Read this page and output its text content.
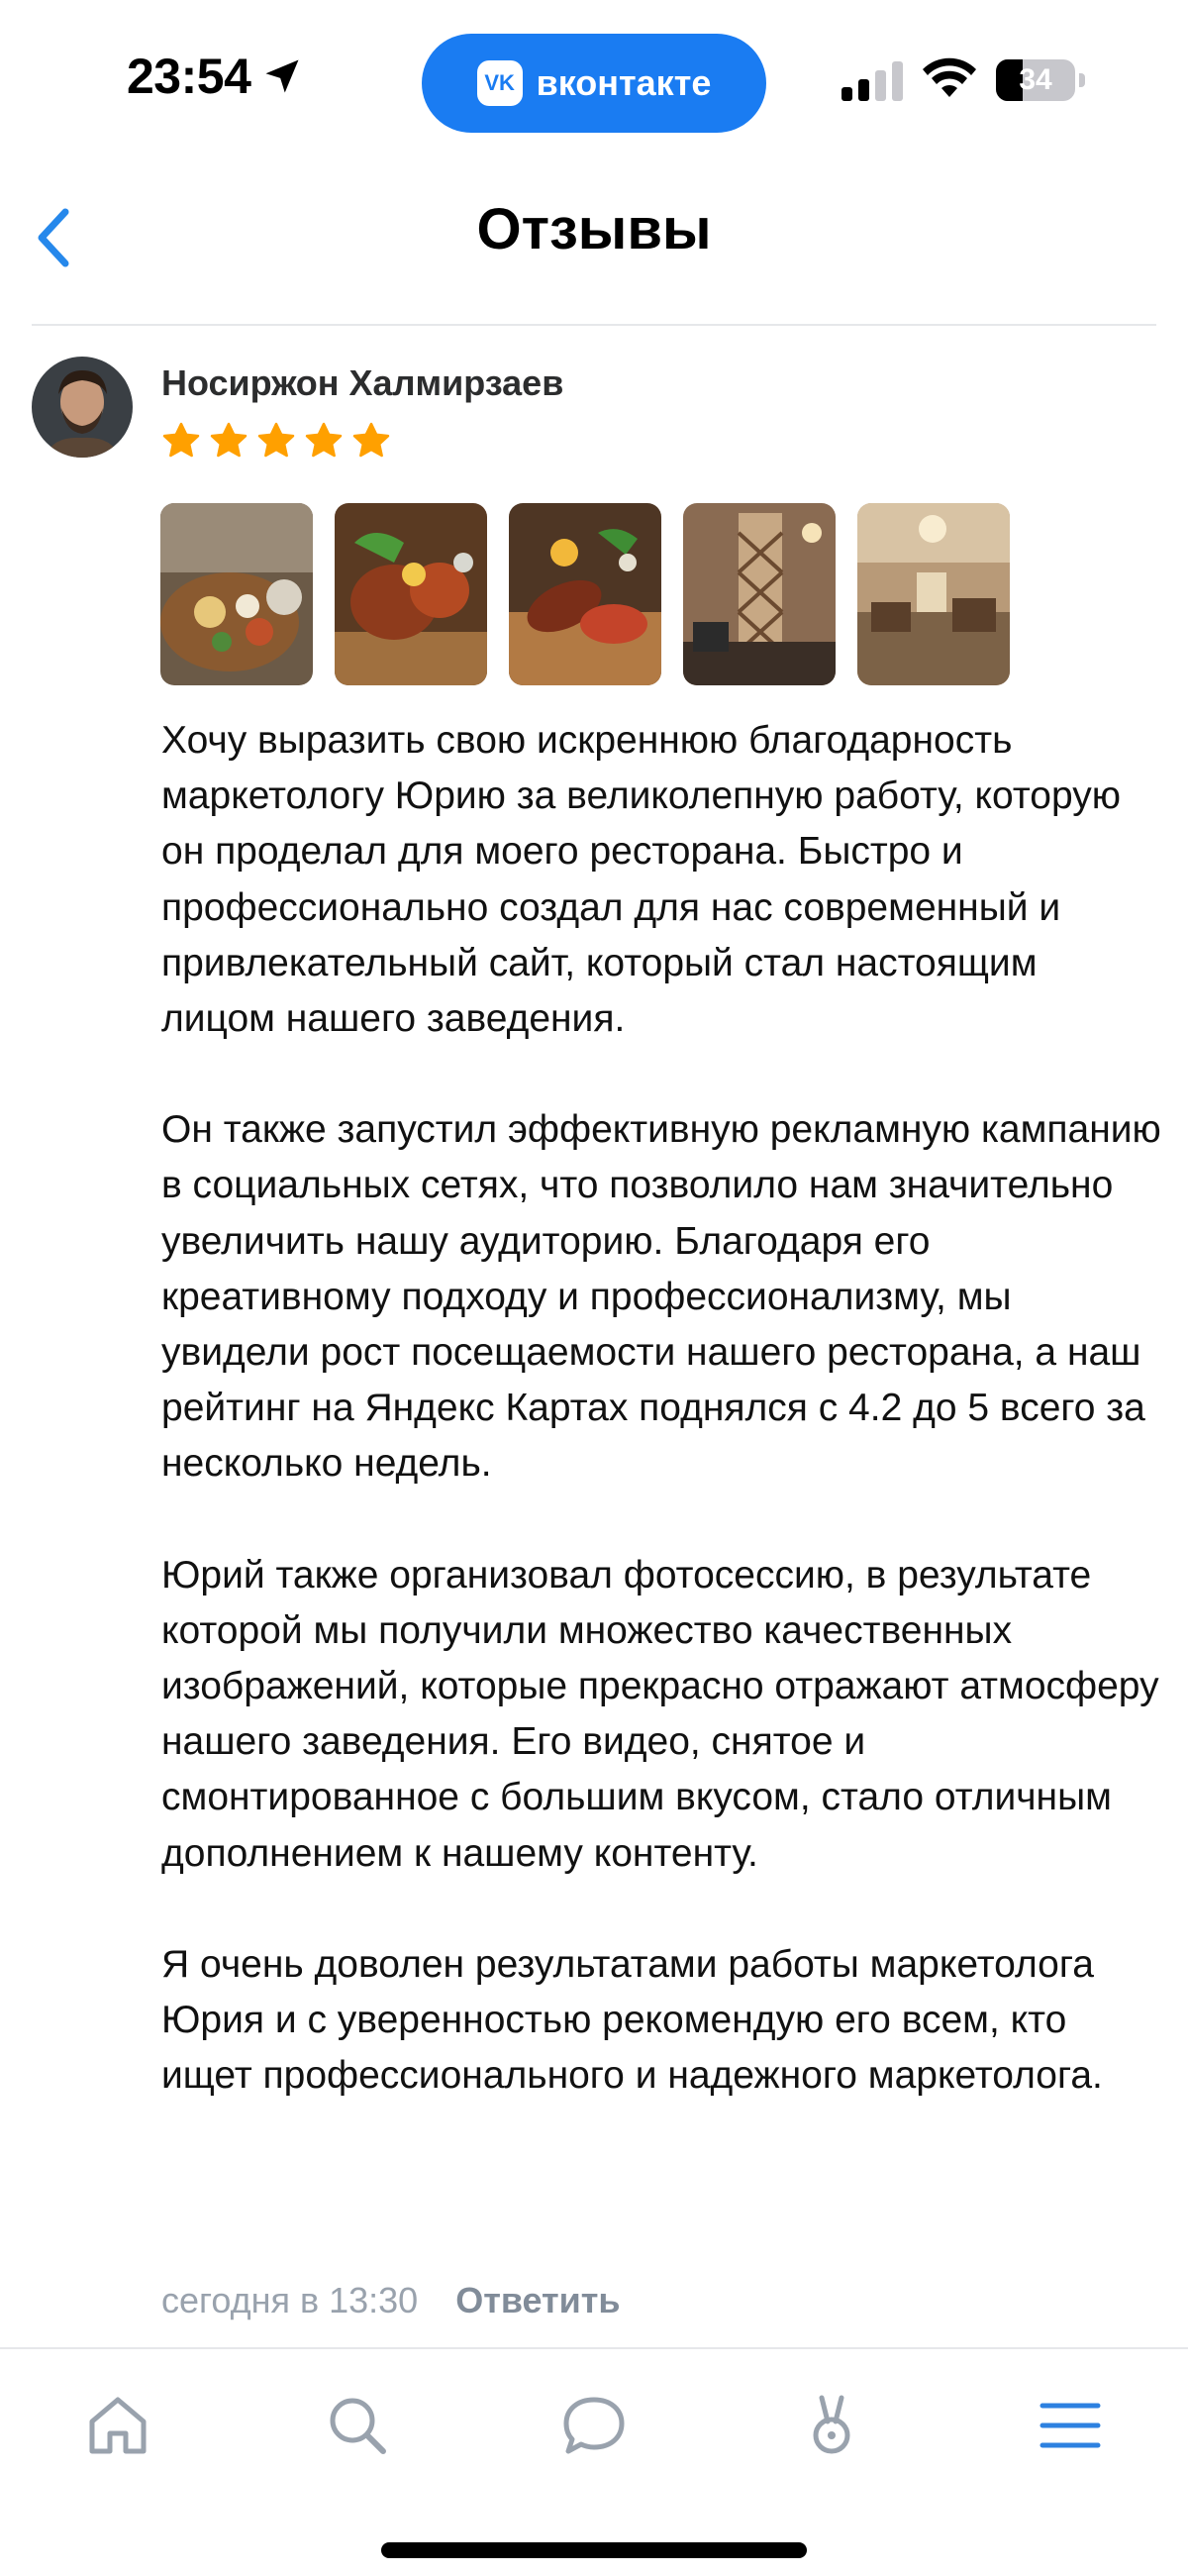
23:54	VK вконтакте	34
Отзывы
Носиржон Халмирзаев

Хочу выразить свою искреннюю благодарность маркетологу Юрию за великолепную работу, которую он проделал для моего ресторана. Быстро и профессионально создал для нас современный и привлекательный сайт, который стал настоящим лицом нашего заведения.

Он также запустил эффективную рекламную кампанию в социальных сетях, что позволило нам значительно увеличить нашу аудиторию. Благодаря его креативному подходу и профессионализму, мы увидели рост посещаемости нашего ресторана, а наш рейтинг на Яндекс Картах поднялся с 4.2 до 5 всего за несколько недель.

Юрий также организовал фотосессию, в результате которой мы получили множество качественных изображений, которые прекрасно отражают атмосферу нашего заведения. Его видео, снятое и смонтированное с большим вкусом, стало отличным дополнением к нашему контенту.

Я очень доволен результатами работы маркетолога Юрия и с уверенностью рекомендую его всем, кто ищет профессионального и надежного маркетолога.

сегодня в 13:30 Ответить
